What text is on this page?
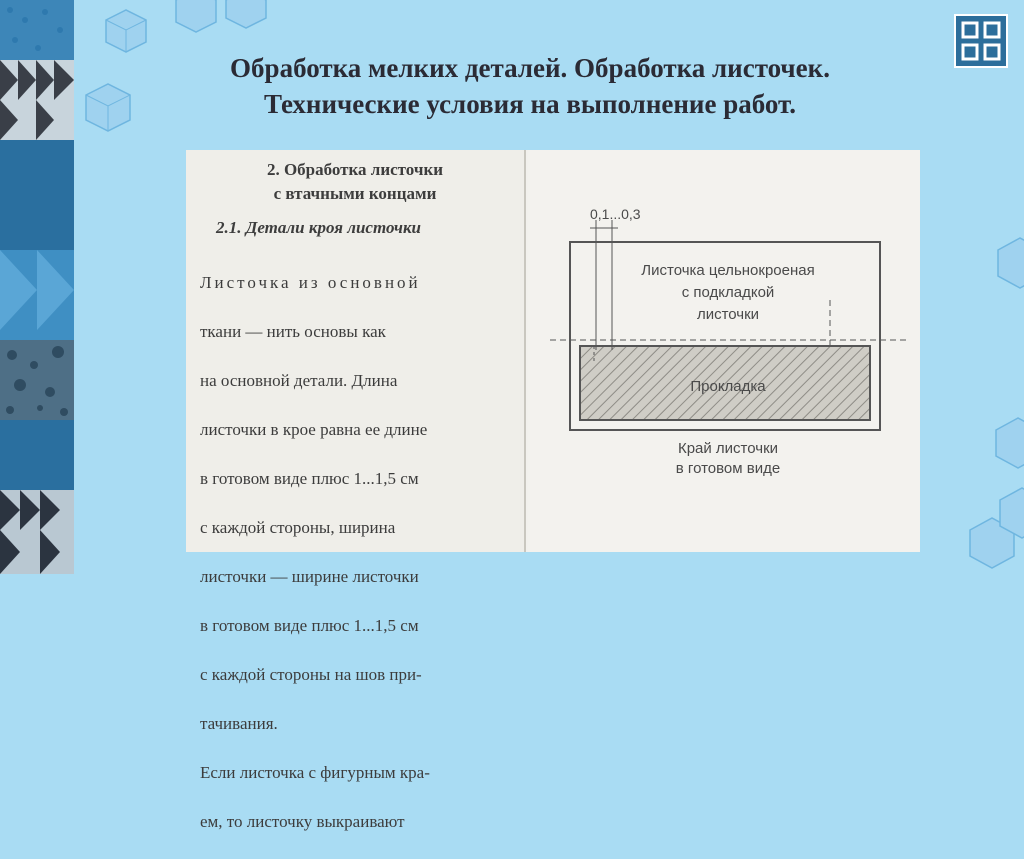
Обработка мелких деталей. Обработка листочек.
Технические условия на выполнение работ.
2. Обработка листочки
с втачными концами
2.1. Детали кроя листочки

Листочка из основной

ткани — нить основы как

на основной детали. Длина

листочки в крое равна ее длине

в готовом виде плюс 1...1,5 см

с каждой стороны, ширина

листочки — ширине листочки

в готовом виде плюс 1...1,5 см

с каждой стороны на шов при-

тачивания.

Если листочка с фигурным кра-

ем, то листочку выкраивают

0,1...0,3
Листочка цельнокроеная
с подкладкой
листочки
Прокладка
Край листочки
в готовом виде
